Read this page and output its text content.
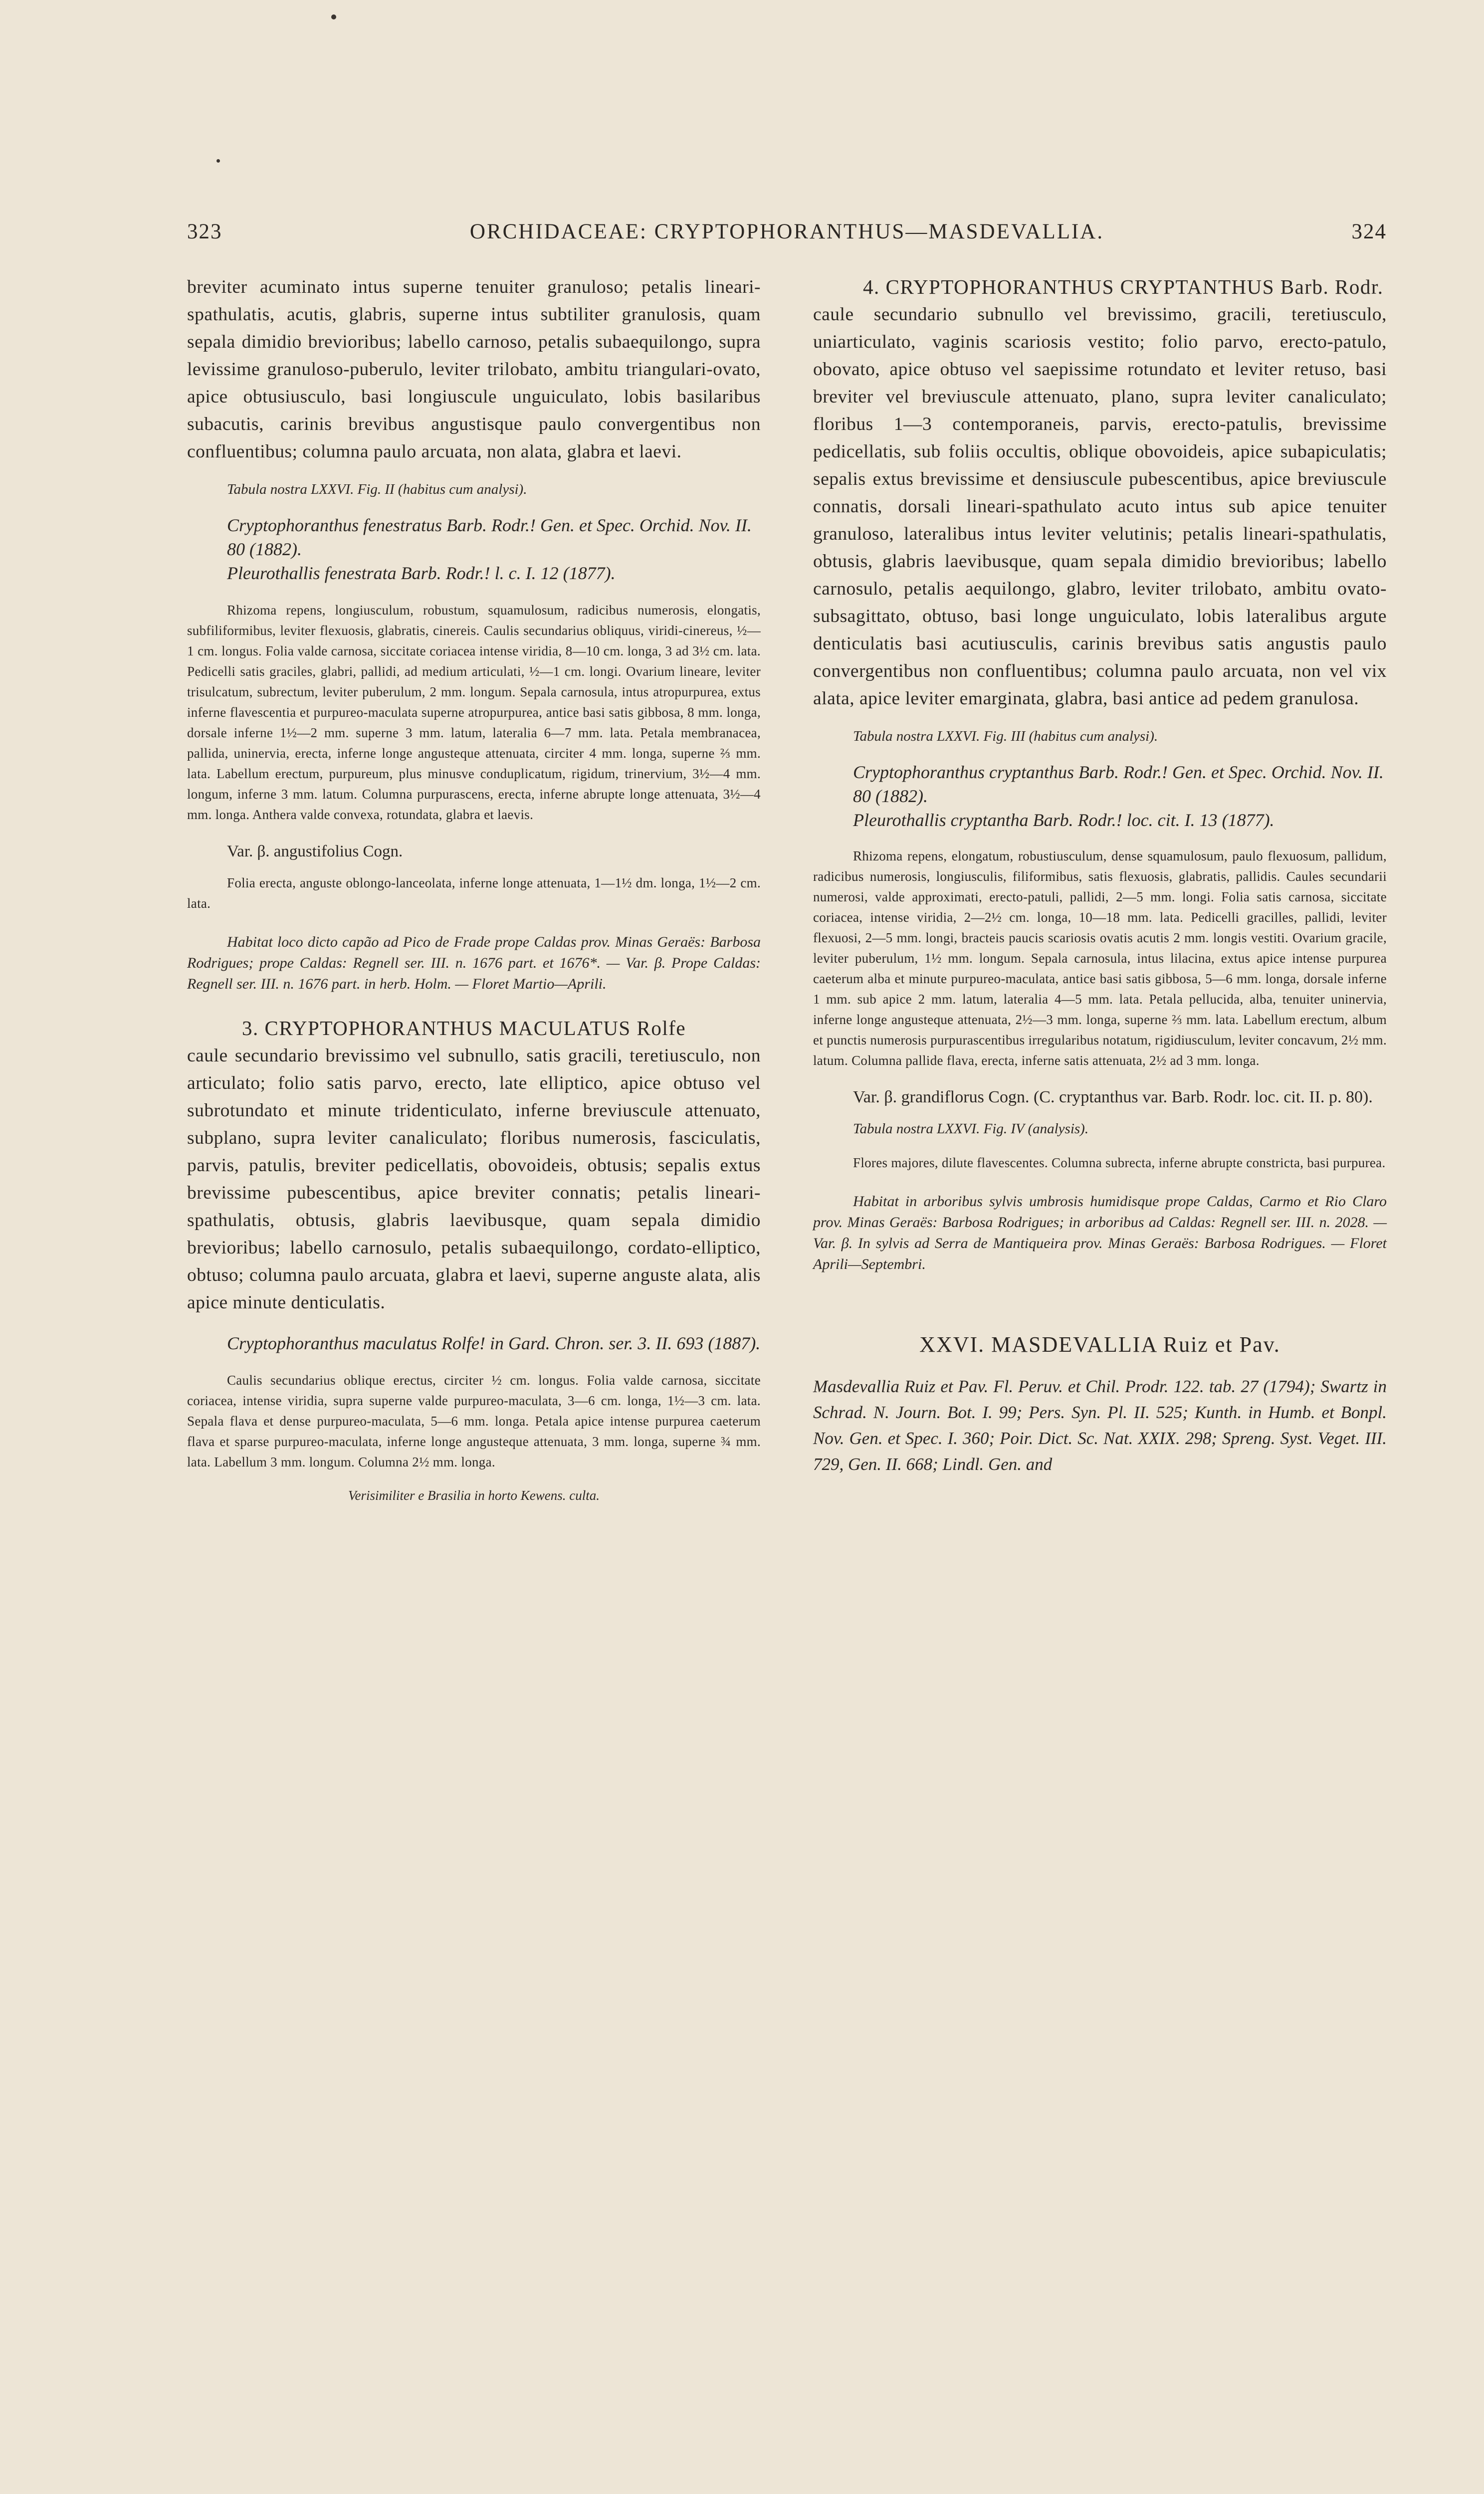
323	ORCHIDACEAE: CRYPTOPHORANTHUS—MASDEVALLIA.	324

breviter acuminato intus superne tenuiter granuloso; petalis lineari-spathulatis, acutis, glabris, superne intus subtiliter granulosis, quam sepala dimidio brevioribus; labello carnoso, petalis subaequilongo, supra levissime granuloso-puberulo, leviter trilobato, ambitu triangulari-ovato, apice obtusiusculo, basi longiuscule unguiculato, lobis basilaribus subacutis, carinis brevibus angustisque paulo convergentibus non confluentibus; columna paulo arcuata, non alata, glabra et laevi.

Tabula nostra LXXVI. Fig. II (habitus cum analysi).

Cryptophoranthus fenestratus Barb. Rodr.! Gen. et Spec. Orchid. Nov. II. 80 (1882).

Pleurothallis fenestrata Barb. Rodr.! l. c. I. 12 (1877).

Rhizoma repens, longiusculum, robustum, squamulosum, radicibus numerosis, elongatis, subfiliformibus, leviter flexuosis, glabratis, cinereis. Caulis secundarius obliquus, viridi-cinereus, ½—1 cm. longus. Folia valde carnosa, siccitate coriacea intense viridia, 8—10 cm. longa, 3 ad 3½ cm. lata. Pedicelli satis graciles, glabri, pallidi, ad medium articulati, ½—1 cm. longi. Ovarium lineare, leviter trisulcatum, subrectum, leviter puberulum, 2 mm. longum. Sepala carnosula, intus atropurpurea, extus inferne flavescentia et purpureo-maculata superne atropurpurea, antice basi satis gibbosa, 8 mm. longa, dorsale inferne 1½—2 mm. superne 3 mm. latum, lateralia 6—7 mm. lata. Petala membranacea, pallida, uninervia, erecta, inferne longe angusteque attenuata, circiter 4 mm. longa, superne ⅔ mm. lata. Labellum erectum, purpureum, plus minusve conduplicatum, rigidum, trinervium, 3½—4 mm. longum, inferne 3 mm. latum. Columna purpurascens, erecta, inferne abrupte longe attenuata, 3½—4 mm. longa. Anthera valde convexa, rotundata, glabra et laevis.

Var. β. angustifolius Cogn.

Folia erecta, anguste oblongo-lanceolata, inferne longe attenuata, 1—1½ dm. longa, 1½—2 cm. lata.

Habitat loco dicto capão ad Pico de Frade prope Caldas prov. Minas Geraës: Barbosa Rodrigues; prope Caldas: Regnell ser. III. n. 1676 part. et 1676*. — Var. β. Prope Caldas: Regnell ser. III. n. 1676 part. in herb. Holm. — Floret Martio—Aprili.

3. CRYPTOPHORANTHUS MACULATUS Rolfe

caule secundario brevissimo vel subnullo, satis gracili, teretiusculo, non articulato; folio satis parvo, erecto, late elliptico, apice obtuso vel subrotundato et minute tridenticulato, inferne breviuscule attenuato, subplano, supra leviter canaliculato; floribus numerosis, fasciculatis, parvis, patulis, breviter pedicellatis, obovoideis, obtusis; sepalis extus brevissime pubescentibus, apice breviter connatis; petalis lineari-spathulatis, obtusis, glabris laevibusque, quam sepala dimidio brevioribus; labello carnosulo, petalis subaequilongo, cordato-elliptico, obtuso; columna paulo arcuata, glabra et laevi, superne anguste alata, alis apice minute denticulatis.

Cryptophoranthus maculatus Rolfe! in Gard. Chron. ser. 3. II. 693 (1887).

Caulis secundarius oblique erectus, circiter ½ cm. longus. Folia valde carnosa, siccitate coriacea, intense viridia, supra superne valde purpureo-maculata, 3—6 cm. longa, 1½—3 cm. lata. Sepala flava et dense purpureo-maculata, 5—6 mm. longa. Petala apice intense purpurea caeterum flava et sparse purpureo-maculata, inferne longe angusteque attenuata, 3 mm. longa, superne ¾ mm. lata. Labellum 3 mm. longum. Columna 2½ mm. longa.

Verisimiliter e Brasilia in horto Kewens. culta.

4. CRYPTOPHORANTHUS CRYPTANTHUS Barb. Rodr.

caule secundario subnullo vel brevissimo, gracili, teretiusculo, uniarticulato, vaginis scariosis vestito; folio parvo, erecto-patulo, obovato, apice obtuso vel saepissime rotundato et leviter retuso, basi breviter vel breviuscule attenuato, plano, supra leviter canaliculato; floribus 1—3 contemporaneis, parvis, erecto-patulis, brevissime pedicellatis, sub foliis occultis, oblique obovoideis, apice subapiculatis; sepalis extus brevissime et densiuscule pubescentibus, apice breviuscule connatis, dorsali lineari-spathulato acuto intus sub apice tenuiter granuloso, lateralibus intus leviter velutinis; petalis lineari-spathulatis, obtusis, glabris laevibusque, quam sepala dimidio brevioribus; labello carnosulo, petalis aequilongo, glabro, leviter trilobato, ambitu ovato-subsagittato, obtuso, basi longe unguiculato, lobis lateralibus argute denticulatis basi acutiusculis, carinis brevibus satis angustis paulo convergentibus non confluentibus; columna paulo arcuata, non vel vix alata, apice leviter emarginata, glabra, basi antice ad pedem granulosa.

Tabula nostra LXXVI. Fig. III (habitus cum analysi).

Cryptophoranthus cryptanthus Barb. Rodr.! Gen. et Spec. Orchid. Nov. II. 80 (1882).

Pleurothallis cryptantha Barb. Rodr.! loc. cit. I. 13 (1877).

Rhizoma repens, elongatum, robustiusculum, dense squamulosum, paulo flexuosum, pallidum, radicibus numerosis, longiusculis, filiformibus, satis flexuosis, glabratis, pallidis. Caules secundarii numerosi, valde approximati, erecto-patuli, pallidi, 2—5 mm. longi. Folia satis carnosa, siccitate coriacea, intense viridia, 2—2½ cm. longa, 10—18 mm. lata. Pedicelli gracilles, pallidi, leviter flexuosi, 2—5 mm. longi, bracteis paucis scariosis ovatis acutis 2 mm. longis vestiti. Ovarium gracile, leviter puberulum, 1½ mm. longum. Sepala carnosula, intus lilacina, extus apice intense purpurea caeterum alba et minute purpureo-maculata, antice basi satis gibbosa, 5—6 mm. longa, dorsale inferne 1 mm. sub apice 2 mm. latum, lateralia 4—5 mm. lata. Petala pellucida, alba, tenuiter uninervia, inferne longe angusteque attenuata, 2½—3 mm. longa, superne ⅔ mm. lata. Labellum erectum, album et punctis numerosis purpurascentibus irregularibus notatum, rigidiusculum, leviter concavum, 2½ mm. latum. Columna pallide flava, erecta, inferne satis attenuata, 2½ ad 3 mm. longa.

Var. β. grandiflorus Cogn. (C. cryptanthus var. Barb. Rodr. loc. cit. II. p. 80).

Tabula nostra LXXVI. Fig. IV (analysis).

Flores majores, dilute flavescentes. Columna subrecta, inferne abrupte constricta, basi purpurea.

Habitat in arboribus sylvis umbrosis humidisque prope Caldas, Carmo et Rio Claro prov. Minas Geraës: Barbosa Rodrigues; in arboribus ad Caldas: Regnell ser. III. n. 2028. — Var. β. In sylvis ad Serra de Mantiqueira prov. Minas Geraës: Barbosa Rodrigues. — Floret Aprili—Septembri.

XXVI. MASDEVALLIA Ruiz et Pav.

Masdevallia Ruiz et Pav. Fl. Peruv. et Chil. Prodr. 122. tab. 27 (1794); Swartz in Schrad. N. Journ. Bot. I. 99; Pers. Syn. Pl. II. 525; Kunth. in Humb. et Bonpl. Nov. Gen. et Spec. I. 360; Poir. Dict. Sc. Nat. XXIX. 298; Spreng. Syst. Veget. III. 729, Gen. II. 668; Lindl. Gen. and
